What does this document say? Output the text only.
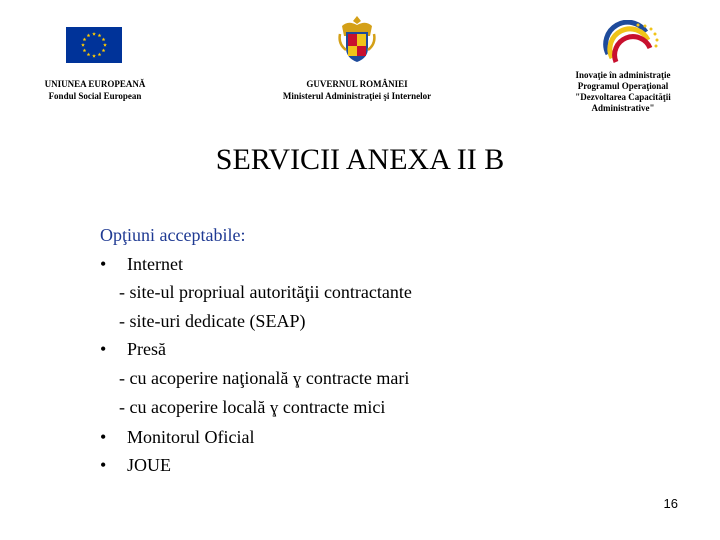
UNIUNEA EUROPEANĂ
Fondul Social European
GUVERNUL ROMÂNIEI
Ministerul Administraţiei şi Internelor
Inovaţie în administraţie
Programul Operaţional
"Dezvoltarea Capacităţii
Administrative"
SERVICII ANEXA II B
Opţiuni acceptabile:
• Internet
- site-ul propriual autorităţii contractante
- site-uri dedicate (SEAP)
• Presă
- cu acoperire naţională ɣ contracte mari
- cu acoperire locală ɣ contracte mici
• Monitorul Oficial
• JOUE
16
